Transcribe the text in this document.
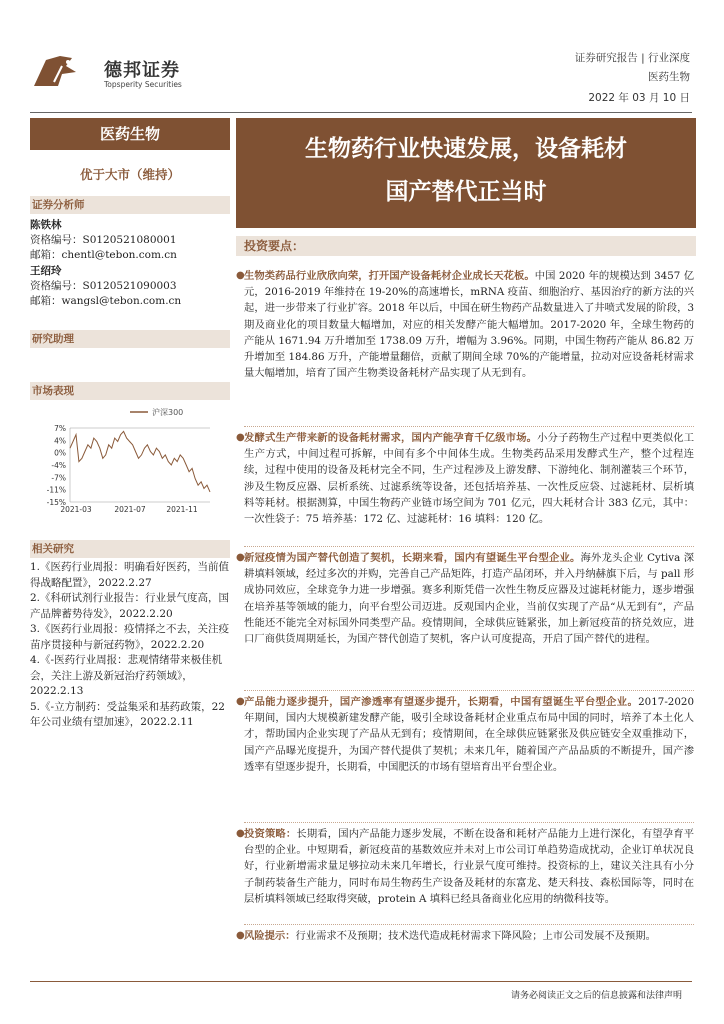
德邦证券
Topsperity Securities
证券研究报告 | 行业深度
医药生物
2022 年 03 月 10 日
医药生物
生物药行业快速发展，设备耗材
国产替代正当时
优于大市（维持）
证券分析师
陈铁林
资格编号：S0120521080001
邮箱：chentl@tebon.com.cn
王绍玲
资格编号：S0120521090003
邮箱：wangsl@tebon.com.cn
研究助理
市场表现
7%
4%
0%
-4%
-7%
-11%
-15%
2021-03	2021-07	2021-11
沪深300
相关研究
1.《医药行业周报：明确看好医药，当前值得战略配置》，2022.2.27
2.《科研试剂行业报告：行业景气度高，国产品牌蓄势待发》，2022.2.20
3.《医药行业周报：疫情择之不去，关注疫苗序贯接种与新冠药物》，2022.2.20
4.《-医药行业周报：悲观情绪带来极佳机会，关注上游及新冠治疗药领域》，2022.2.13
5.《-立方制药：受益集采和基药政策，22 年公司业绩有望加速》，2022.2.11
投资要点：
● 生物类药品行业欣欣向荣，打开国产设备耗材企业成长天花板。中国 2020 年的规模达到 3457 亿元，2016-2019 年维持在 19-20%的高速增长，mRNA 疫苗、细胞治疗、基因治疗的新方法的兴起，进一步带来了行业扩容。2018 年以后，中国在研生物药产品数量进入了井喷式发展的阶段，3 期及商业化的项目数量大幅增加，对应的相关发酵产能大幅增加。2017-2020 年，全球生物药的产能从 1671.94 万升增加至 1738.09 万升，增幅为 3.96%。同期，中国生物药产能从 86.82 万升增加至 184.86 万升，产能增量翻倍，贡献了期间全球 70%的产能增量，拉动对应设备耗材需求量大幅增加，培育了国产生物类设备耗材产品实现了从无到有。
● 发酵式生产带来新的设备耗材需求，国内产能孕育千亿级市场。小分子药物生产过程中更类似化工生产方式，中间过程可拆解，中间有多个中间体生成。生物类药品采用发酵式生产，整个过程连续，过程中使用的设备及耗材完全不同，生产过程涉及上游发酵、下游纯化、制剂灌装三个环节，涉及生物反应器、层析系统、过滤系统等设备，还包括培养基、一次性反应袋、过滤耗材、层析填料等耗材。根据测算，中国生物药产业链市场空间为 701 亿元，四大耗材合计 383 亿元，其中：一次性袋子：75 培养基：172 亿、过滤耗材：16 填料：120 亿。
● 新冠疫情为国产替代创造了契机，长期来看，国内有望诞生平台型企业。海外龙头企业 Cytiva 深耕填料领域，经过多次的并购，完善自己产品矩阵，打造产品闭环，并入丹纳赫旗下后，与 pall 形成协同效应，全球竞争力进一步增强。赛多利斯凭借一次性生物反应器及过滤耗材能力，逐步增强在培养基等领域的能力，向平台型公司迈进。反观国内企业，当前仅实现了产品“从无到有”，产品性能还不能完全对标国外同类型产品。疫情期间，全球供应链紧张，加上新冠疫苗的挤兑效应，进口厂商供货周期延长，为国产替代创造了契机，客户认可度提高，开启了国产替代的进程。
● 产品能力逐步提升，国产渗透率有望逐步提升，长期看，中国有望诞生平台型企业。2017-2020 年期间，国内大规模新建发酵产能，吸引全球设备耗材企业重点布局中国的同时，培养了本土化人才，帮助国内企业实现了产品从无到有；疫情期间，在全球供应链紧张及供应链安全双重推动下，国产产品曝光度提升，为国产替代提供了契机；未来几年，随着国产产品品质的不断提升，国产渗透率有望逐步提升，长期看，中国肥沃的市场有望培育出平台型企业。
● 投资策略：长期看，国内产品能力逐步发展，不断在设备和耗材产品能力上进行深化，有望孕育平台型的企业。中短期看，新冠疫苗的基数效应并未对上市公司订单趋势造成扰动，企业订单状况良好，行业新增需求量足够拉动未来几年增长，行业景气度可维持。投资标的上，建议关注具有小分子制药装备生产能力，同时布局生物药生产设备及耗材的东富龙、楚天科技、森松国际等，同时在层析填料领域已经取得突破，protein A 填料已经具备商业化应用的纳微科技等。
● 风险提示：行业需求不及预期；技术迭代造成耗材需求下降风险；上市公司发展不及预期。
请务必阅读正文之后的信息披露和法律声明
